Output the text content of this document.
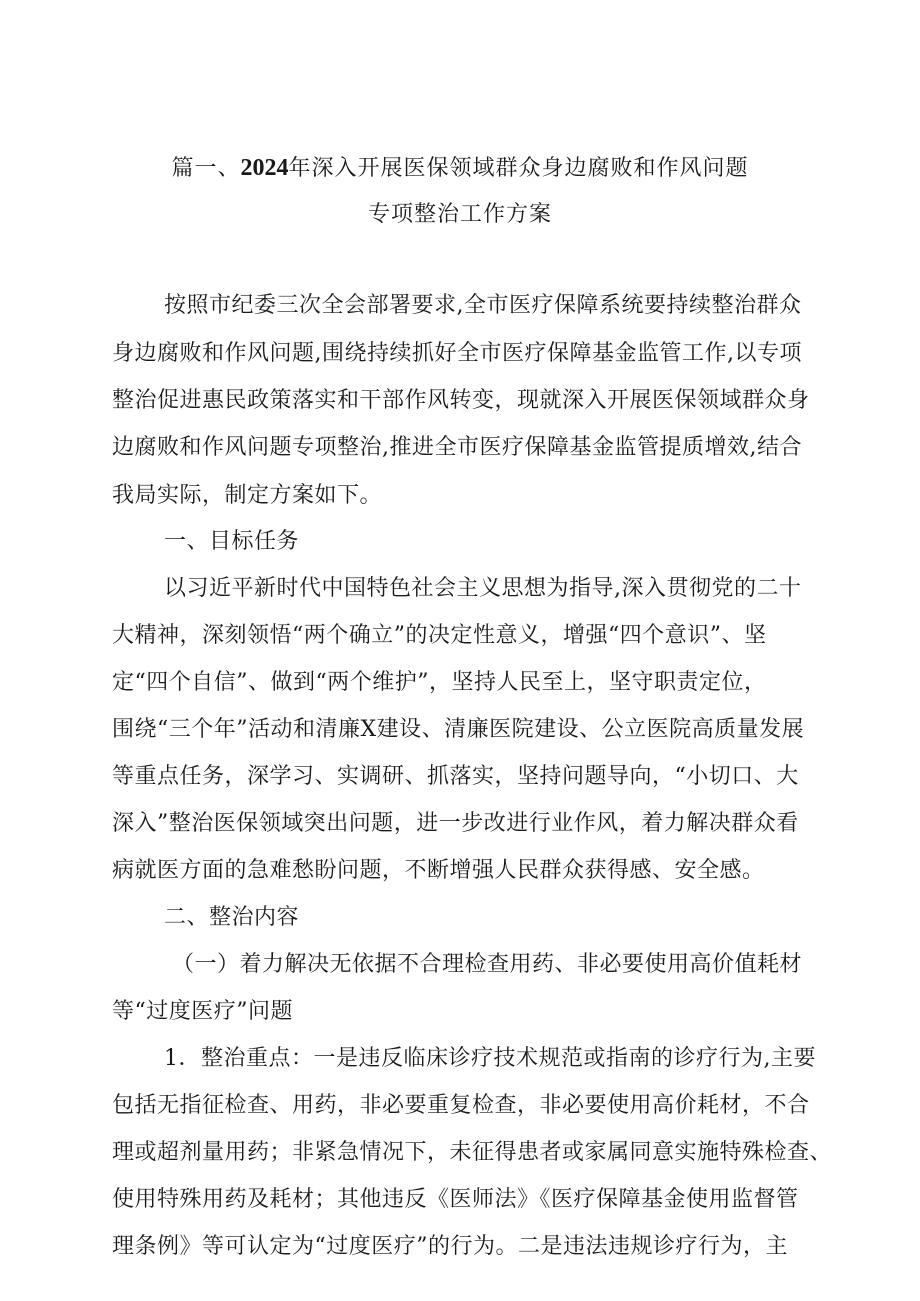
篇一、2024年深入开展医保领域群众身边腐败和作风问题
专项整治工作方案
按照市纪委三次全会部署要求,全市医疗保障系统要持续整治群众
身边腐败和作风问题,围绕持续抓好全市医疗保障基金监管工作,以专项
整治促进惠民政策落实和干部作风转变，现就深入开展医保领域群众身
边腐败和作风问题专项整治,推进全市医疗保障基金监管提质增效,结合
我局实际，制定方案如下。
一、目标任务
以习近平新时代中国特色社会主义思想为指导,深入贯彻党的二十
大精神，深刻领悟“两个确立”的决定性意义，增强“四个意识”、坚
定“四个自信”、做到“两个维护”，坚持人民至上，坚守职责定位，
围绕“三个年”活动和清廉X建设、清廉医院建设、公立医院高质量发展
等重点任务，深学习、实调研、抓落实，坚持问题导向，“小切口、大
深入”整治医保领域突出问题，进一步改进行业作风，着力解决群众看
病就医方面的急难愁盼问题，不断增强人民群众获得感、安全感。
二、整治内容
（一）着力解决无依据不合理检查用药、非必要使用高价值耗材
等“过度医疗”问题
1．整治重点：一是违反临床诊疗技术规范或指南的诊疗行为,主要
包括无指征检查、用药，非必要重复检查，非必要使用高价耗材，不合
理或超剂量用药；非紧急情况下，未征得患者或家属同意实施特殊检查、
使用特殊用药及耗材；其他违反《医师法》《医疗保障基金使用监督管
理条例》等可认定为“过度医疗”的行为。二是违法违规诊疗行为，主
